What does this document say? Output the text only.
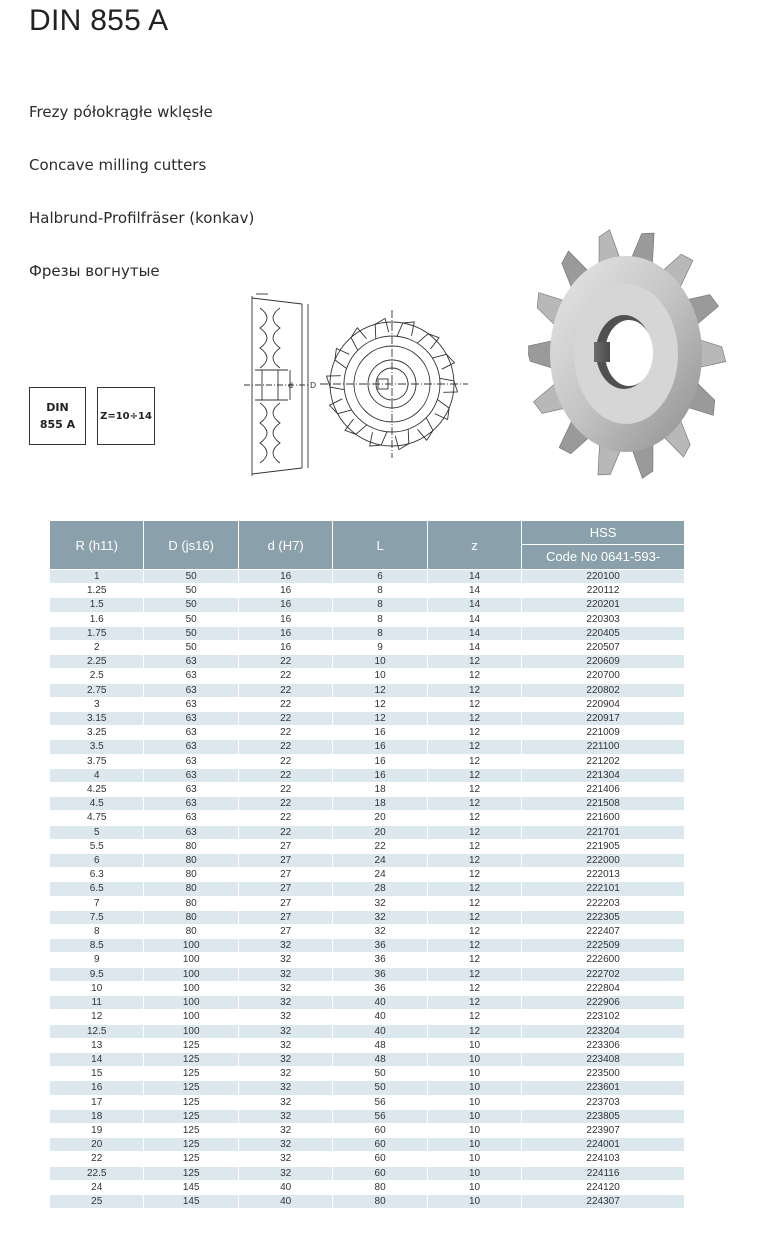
DIN 855 A
Frezy półokrągłe wklęsłe
Concave milling cutters
Halbrund-Profilfräser (konkav)
Фрезы вогнутые
DIN
855 A
Z=10÷14
d D
R (h11)	D (js16)	d (H7)	L	z	HSS
					Code No 0641-593-
1	50	16	6	14	220100
1.25	50	16	8	14	220112
1.5	50	16	8	14	220201
1.6	50	16	8	14	220303
1.75	50	16	8	14	220405
2	50	16	9	14	220507
2.25	63	22	10	12	220609
2.5	63	22	10	12	220700
2.75	63	22	12	12	220802
3	63	22	12	12	220904
3.15	63	22	12	12	220917
3.25	63	22	16	12	221009
3.5	63	22	16	12	221100
3.75	63	22	16	12	221202
4	63	22	16	12	221304
4.25	63	22	18	12	221406
4.5	63	22	18	12	221508
4.75	63	22	20	12	221600
5	63	22	20	12	221701
5.5	80	27	22	12	221905
6	80	27	24	12	222000
6.3	80	27	24	12	222013
6.5	80	27	28	12	222101
7	80	27	32	12	222203
7.5	80	27	32	12	222305
8	80	27	32	12	222407
8.5	100	32	36	12	222509
9	100	32	36	12	222600
9.5	100	32	36	12	222702
10	100	32	36	12	222804
11	100	32	40	12	222906
12	100	32	40	12	223102
12.5	100	32	40	12	223204
13	125	32	48	10	223306
14	125	32	48	10	223408
15	125	32	50	10	223500
16	125	32	50	10	223601
17	125	32	56	10	223703
18	125	32	56	10	223805
19	125	32	60	10	223907
20	125	32	60	10	224001
22	125	32	60	10	224103
22.5	125	32	60	10	224116
24	145	40	80	10	224120
25	145	40	80	10	224307
